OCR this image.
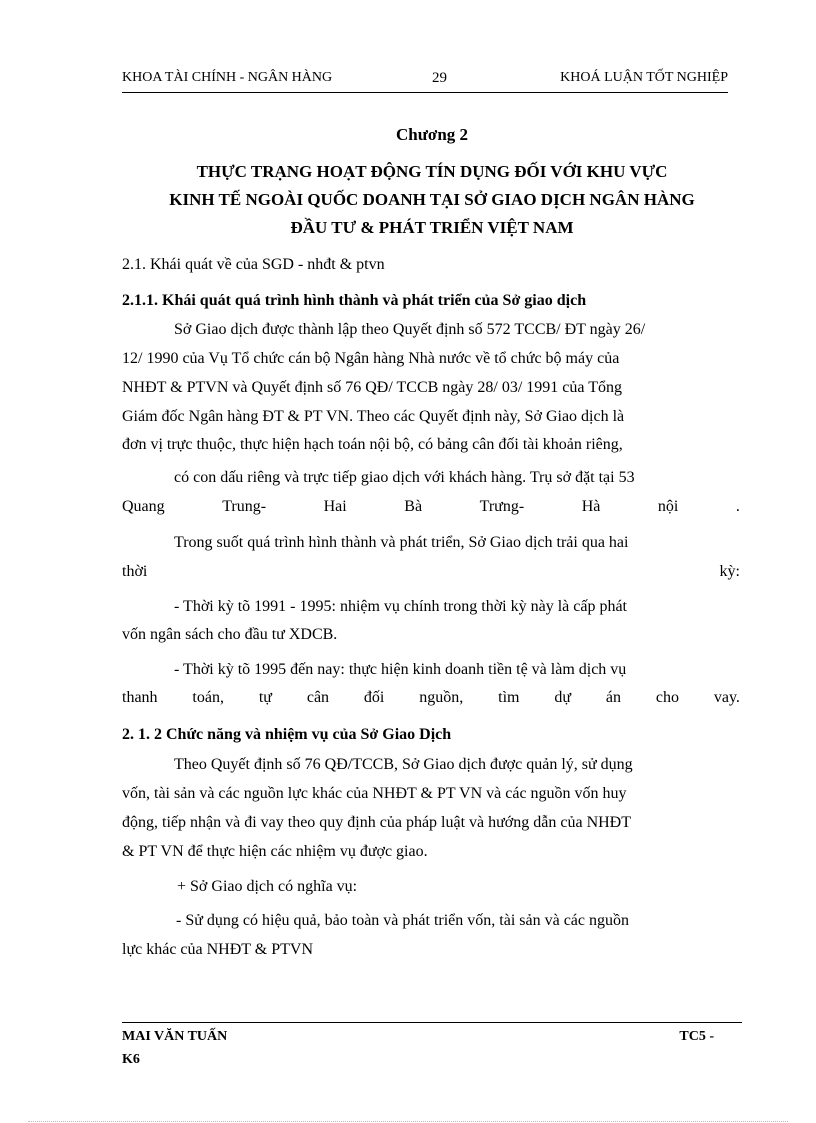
KHOA TÀI CHÍNH - NGÂN HÀNG	29	KHOÁ LUẬN TỐT NGHIỆP
Chương 2
THỰC TRẠNG HOẠT ĐỘNG TÍN DỤNG ĐỐI VỚI KHU VỰC
KINH TẾ NGOÀI QUỐC DOANH TẠI SỞ GIAO DỊCH NGÂN HÀNG
ĐẦU TƯ & PHÁT TRIỂN VIỆT NAM
2.1. Khái quát về của SGD - nhđt & ptvn
2.1.1. Khái quát quá trình hình thành và phát triển của Sở giao dịch
Sở Giao dịch được thành lập theo Quyết định số 572 TCCB/ ĐT ngày 26/
12/ 1990 của Vụ Tổ chức cán bộ Ngân hàng Nhà nước về tổ chức bộ máy của
NHĐT & PTVN và Quyết định số 76 QĐ/ TCCB ngày 28/ 03/ 1991 của Tổng
Giám đốc Ngân hàng ĐT & PT VN. Theo các Quyết định này, Sở Giao dịch là
đơn vị trực thuộc, thực hiện hạch toán nội bộ, có bảng cân đối tài khoản riêng,
có con dấu riêng và trực tiếp giao dịch với khách hàng. Trụ sở đặt tại 53
Quang	Trung-	Hai	Bà	Trưng-	Hà	nội	.
Trong suốt quá trình hình thành và phát triển, Sở Giao dịch trải qua hai
thời	kỳ:
- Thời kỳ tõ 1991 - 1995: nhiệm vụ chính trong thời kỳ này là cấp phát
vốn ngân sách cho đầu tư XDCB.
- Thời kỳ tõ 1995 đến nay: thực hiện kinh doanh tiền tệ và làm dịch vụ
thanh toán, tự cân đối nguồn, tìm dự án cho vay.
2. 1. 2 Chức năng và nhiệm vụ của Sở Giao Dịch
Theo Quyết định số 76 QĐ/TCCB, Sở Giao dịch được quản lý, sử dụng
vốn, tài sản và các nguồn lực khác của NHĐT & PT VN và các nguồn vốn huy
động, tiếp nhận và đi vay theo quy định của pháp luật và hướng dẫn của NHĐT
& PT VN để thực hiện các nhiệm vụ được giao.
+ Sở Giao dịch có nghĩa vụ:
- Sử dụng có hiệu quả, bảo toàn và phát triển vốn, tài sản và các nguồn
lực khác của NHĐT & PTVN
MAI VĂN TUẤN	TC5 -
K6
